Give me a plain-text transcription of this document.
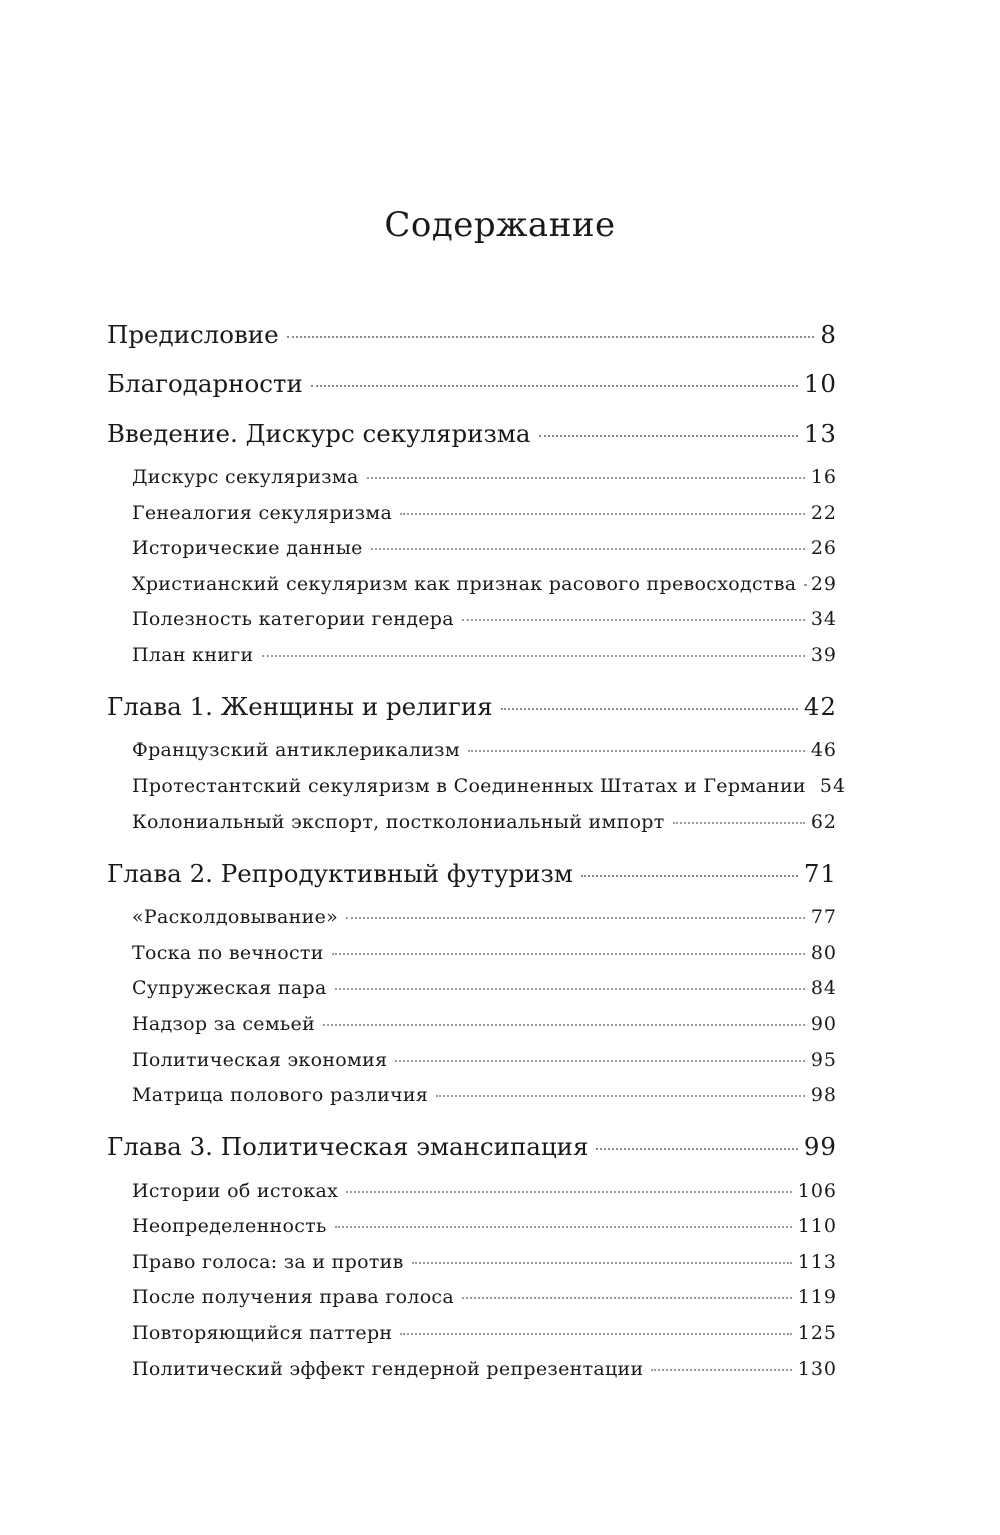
Содержание
Предисловие	8
Благодарности	10
Введение. Дискурс секуляризма	13
Дискурс секуляризма	16
Генеалогия секуляризма	22
Исторические данные	26
Христианский секуляризм как признак расового превосходства 29
Полезность категории гендера	34
План книги	39
Глава 1. Женщины и религия	42
Французский антиклерикализм	46
Протестантский секуляризм в Соединенных Штатах и Германии 54
Колониальный экспорт, постколониальный импорт	62
Глава 2. Репродуктивный футуризм	71
«Расколдовывание»	77
Тоска по вечности	80
Супружеская пара	84
Надзор за семьей	90
Политическая экономия	95
Матрица полового различия	98
Глава 3. Политическая эмансипация	99
Истории об истоках	106
Неопределенность	110
Право голоса: за и против	113
После получения права голоса	119
Повторяющийся паттерн	125
Политический эффект гендерной репрезентации	130
